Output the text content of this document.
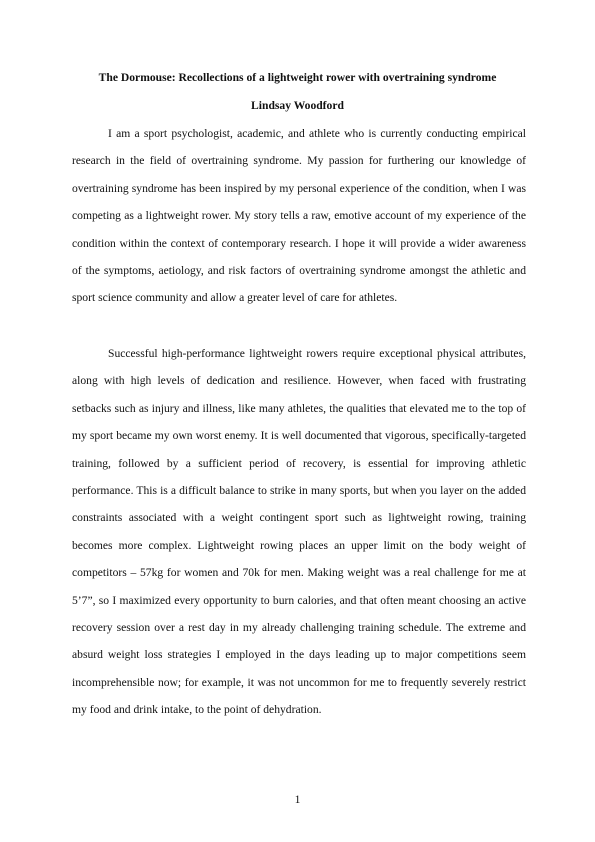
The Dormouse: Recollections of a lightweight rower with overtraining syndrome
Lindsay Woodford

I am a sport psychologist, academic, and athlete who is currently conducting empirical research in the field of overtraining syndrome. My passion for furthering our knowledge of overtraining syndrome has been inspired by my personal experience of the condition, when I was competing as a lightweight rower. My story tells a raw, emotive account of my experience of the condition within the context of contemporary research. I hope it will provide a wider awareness of the symptoms, aetiology, and risk factors of overtraining syndrome amongst the athletic and sport science community and allow a greater level of care for athletes.

Successful high-performance lightweight rowers require exceptional physical attributes, along with high levels of dedication and resilience. However, when faced with frustrating setbacks such as injury and illness, like many athletes, the qualities that elevated me to the top of my sport became my own worst enemy. It is well documented that vigorous, specifically-targeted training, followed by a sufficient period of recovery, is essential for improving athletic performance. This is a difficult balance to strike in many sports, but when you layer on the added constraints associated with a weight contingent sport such as lightweight rowing, training becomes more complex. Lightweight rowing places an upper limit on the body weight of competitors – 57kg for women and 70k for men. Making weight was a real challenge for me at 5’7”, so I maximized every opportunity to burn calories, and that often meant choosing an active recovery session over a rest day in my already challenging training schedule. The extreme and absurd weight loss strategies I employed in the days leading up to major competitions seem incomprehensible now; for example, it was not uncommon for me to frequently severely restrict my food and drink intake, to the point of dehydration.

1
